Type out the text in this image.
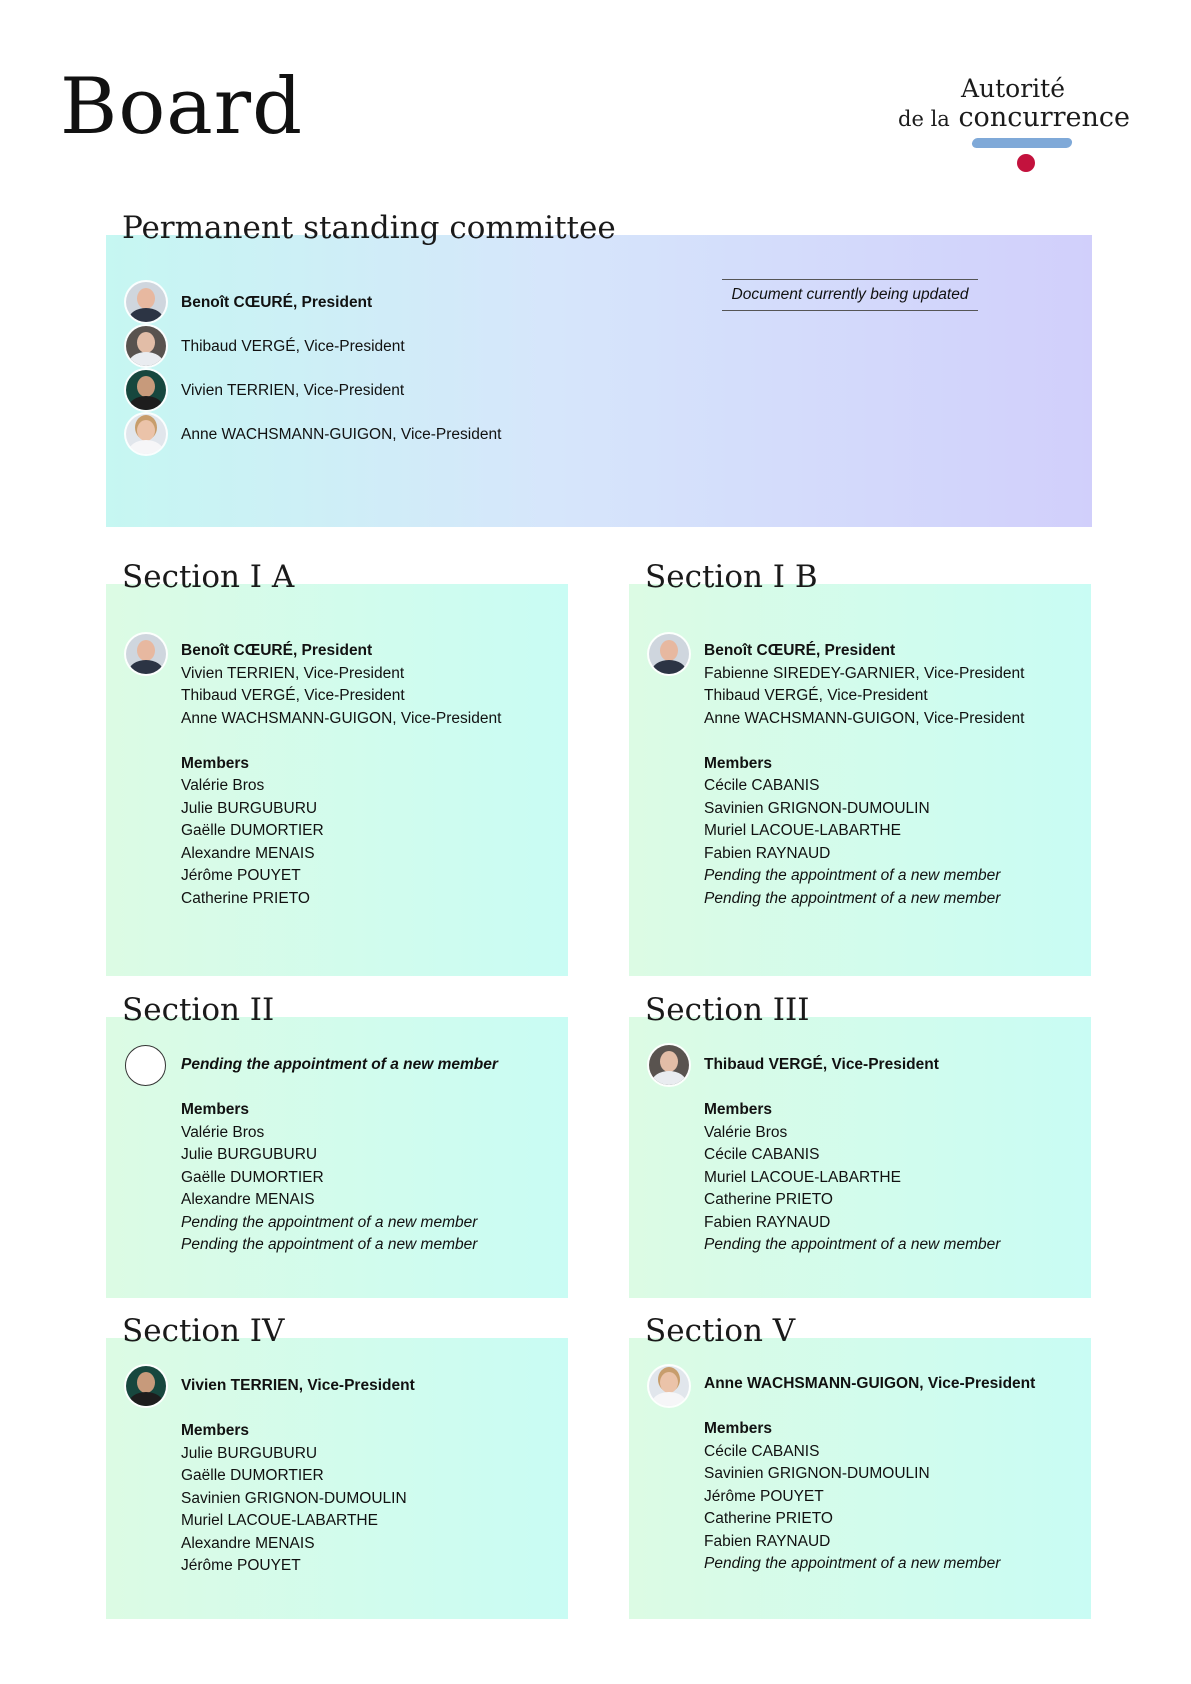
Board	Autorité
de la concurrence
Permanent standing committee
Benoît CŒURÉ, President
Thibaud VERGÉ, Vice-President
Vivien TERRIEN, Vice-President
Anne WACHSMANN-GUIGON, Vice-President
Document currently being updated
Section I A
Benoît CŒURÉ, President
Vivien TERRIEN, Vice-President
Thibaud VERGÉ, Vice-President
Anne WACHSMANN-GUIGON, Vice-President
Members
Valérie Bros
Julie BURGUBURU
Gaëlle DUMORTIER
Alexandre MENAIS
Jérôme POUYET
Catherine PRIETO
Section I B
Benoît CŒURÉ, President
Fabienne SIREDEY-GARNIER, Vice-President
Thibaud VERGÉ, Vice-President
Anne WACHSMANN-GUIGON, Vice-President
Members
Cécile CABANIS
Savinien GRIGNON-DUMOULIN
Muriel LACOUE-LABARTHE
Fabien RAYNAUD
Pending the appointment of a new member
Pending the appointment of a new member
Section II
Pending the appointment of a new member
Members
Valérie Bros
Julie BURGUBURU
Gaëlle DUMORTIER
Alexandre MENAIS
Pending the appointment of a new member
Pending the appointment of a new member
Section III
Thibaud VERGÉ, Vice-President
Members
Valérie Bros
Cécile CABANIS
Muriel LACOUE-LABARTHE
Catherine PRIETO
Fabien RAYNAUD
Pending the appointment of a new member
Section IV
Vivien TERRIEN, Vice-President
Members
Julie BURGUBURU
Gaëlle DUMORTIER
Savinien GRIGNON-DUMOULIN
Muriel LACOUE-LABARTHE
Alexandre MENAIS
Jérôme POUYET
Section V
Anne WACHSMANN-GUIGON, Vice-President
Members
Cécile CABANIS
Savinien GRIGNON-DUMOULIN
Jérôme POUYET
Catherine PRIETO
Fabien RAYNAUD
Pending the appointment of a new member
